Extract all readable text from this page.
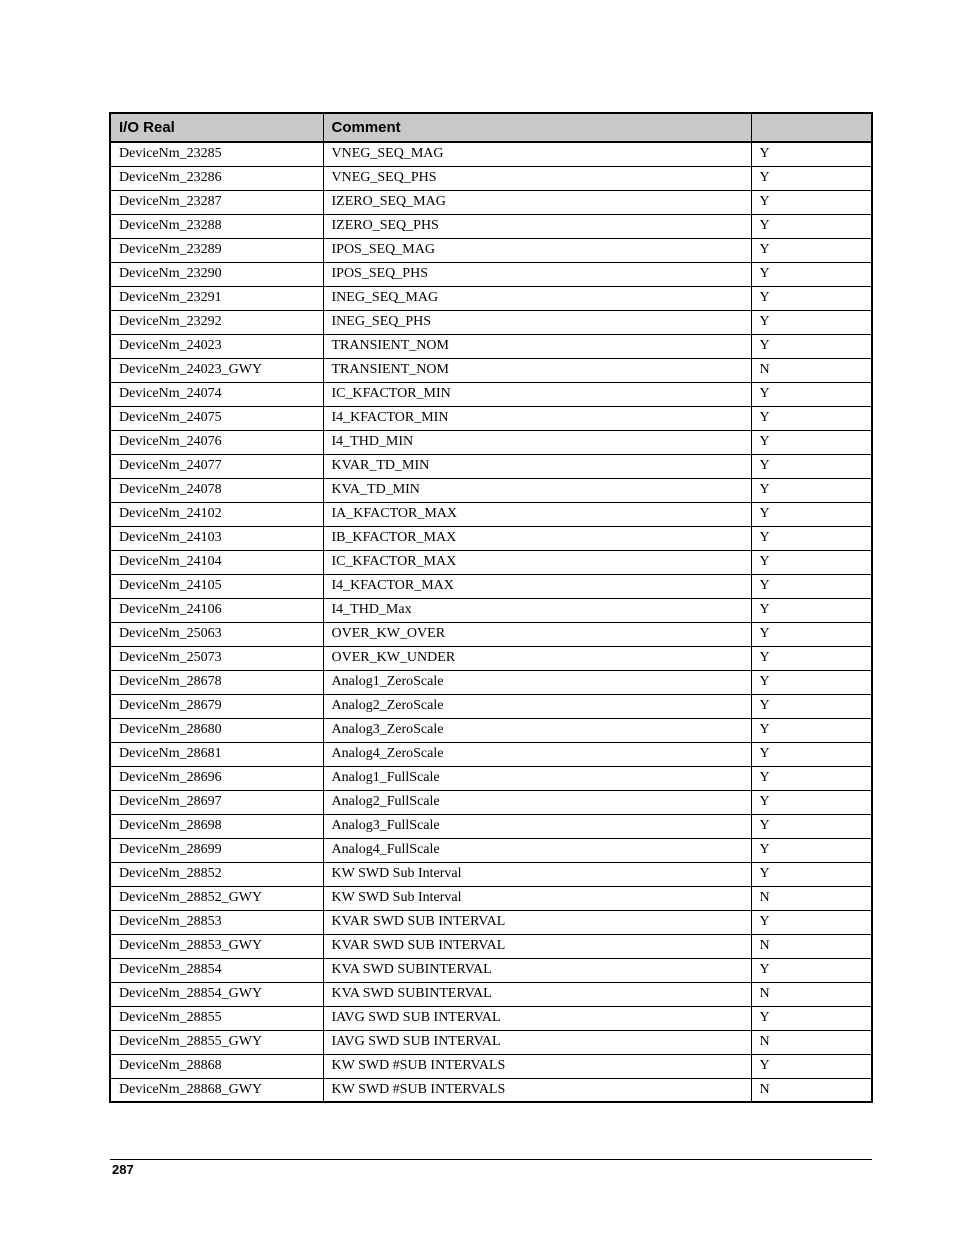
I/O Real	Comment	
DeviceNm_23285	VNEG_SEQ_MAG	Y
DeviceNm_23286	VNEG_SEQ_PHS	Y
DeviceNm_23287	IZERO_SEQ_MAG	Y
DeviceNm_23288	IZERO_SEQ_PHS	Y
DeviceNm_23289	IPOS_SEQ_MAG	Y
DeviceNm_23290	IPOS_SEQ_PHS	Y
DeviceNm_23291	INEG_SEQ_MAG	Y
DeviceNm_23292	INEG_SEQ_PHS	Y
DeviceNm_24023	TRANSIENT_NOM	Y
DeviceNm_24023_GWY	TRANSIENT_NOM	N
DeviceNm_24074	IC_KFACTOR_MIN	Y
DeviceNm_24075	I4_KFACTOR_MIN	Y
DeviceNm_24076	I4_THD_MIN	Y
DeviceNm_24077	KVAR_TD_MIN	Y
DeviceNm_24078	KVA_TD_MIN	Y
DeviceNm_24102	IA_KFACTOR_MAX	Y
DeviceNm_24103	IB_KFACTOR_MAX	Y
DeviceNm_24104	IC_KFACTOR_MAX	Y
DeviceNm_24105	I4_KFACTOR_MAX	Y
DeviceNm_24106	I4_THD_Max	Y
DeviceNm_25063	OVER_KW_OVER	Y
DeviceNm_25073	OVER_KW_UNDER	Y
DeviceNm_28678	Analog1_ZeroScale	Y
DeviceNm_28679	Analog2_ZeroScale	Y
DeviceNm_28680	Analog3_ZeroScale	Y
DeviceNm_28681	Analog4_ZeroScale	Y
DeviceNm_28696	Analog1_FullScale	Y
DeviceNm_28697	Analog2_FullScale	Y
DeviceNm_28698	Analog3_FullScale	Y
DeviceNm_28699	Analog4_FullScale	Y
DeviceNm_28852	KW SWD Sub Interval	Y
DeviceNm_28852_GWY	KW SWD Sub Interval	N
DeviceNm_28853	KVAR SWD SUB INTERVAL	Y
DeviceNm_28853_GWY	KVAR SWD SUB INTERVAL	N
DeviceNm_28854	KVA SWD SUBINTERVAL	Y
DeviceNm_28854_GWY	KVA SWD SUBINTERVAL	N
DeviceNm_28855	IAVG SWD SUB INTERVAL	Y
DeviceNm_28855_GWY	IAVG SWD SUB INTERVAL	N
DeviceNm_28868	KW SWD #SUB INTERVALS	Y
DeviceNm_28868_GWY	KW SWD #SUB INTERVALS	N
287
